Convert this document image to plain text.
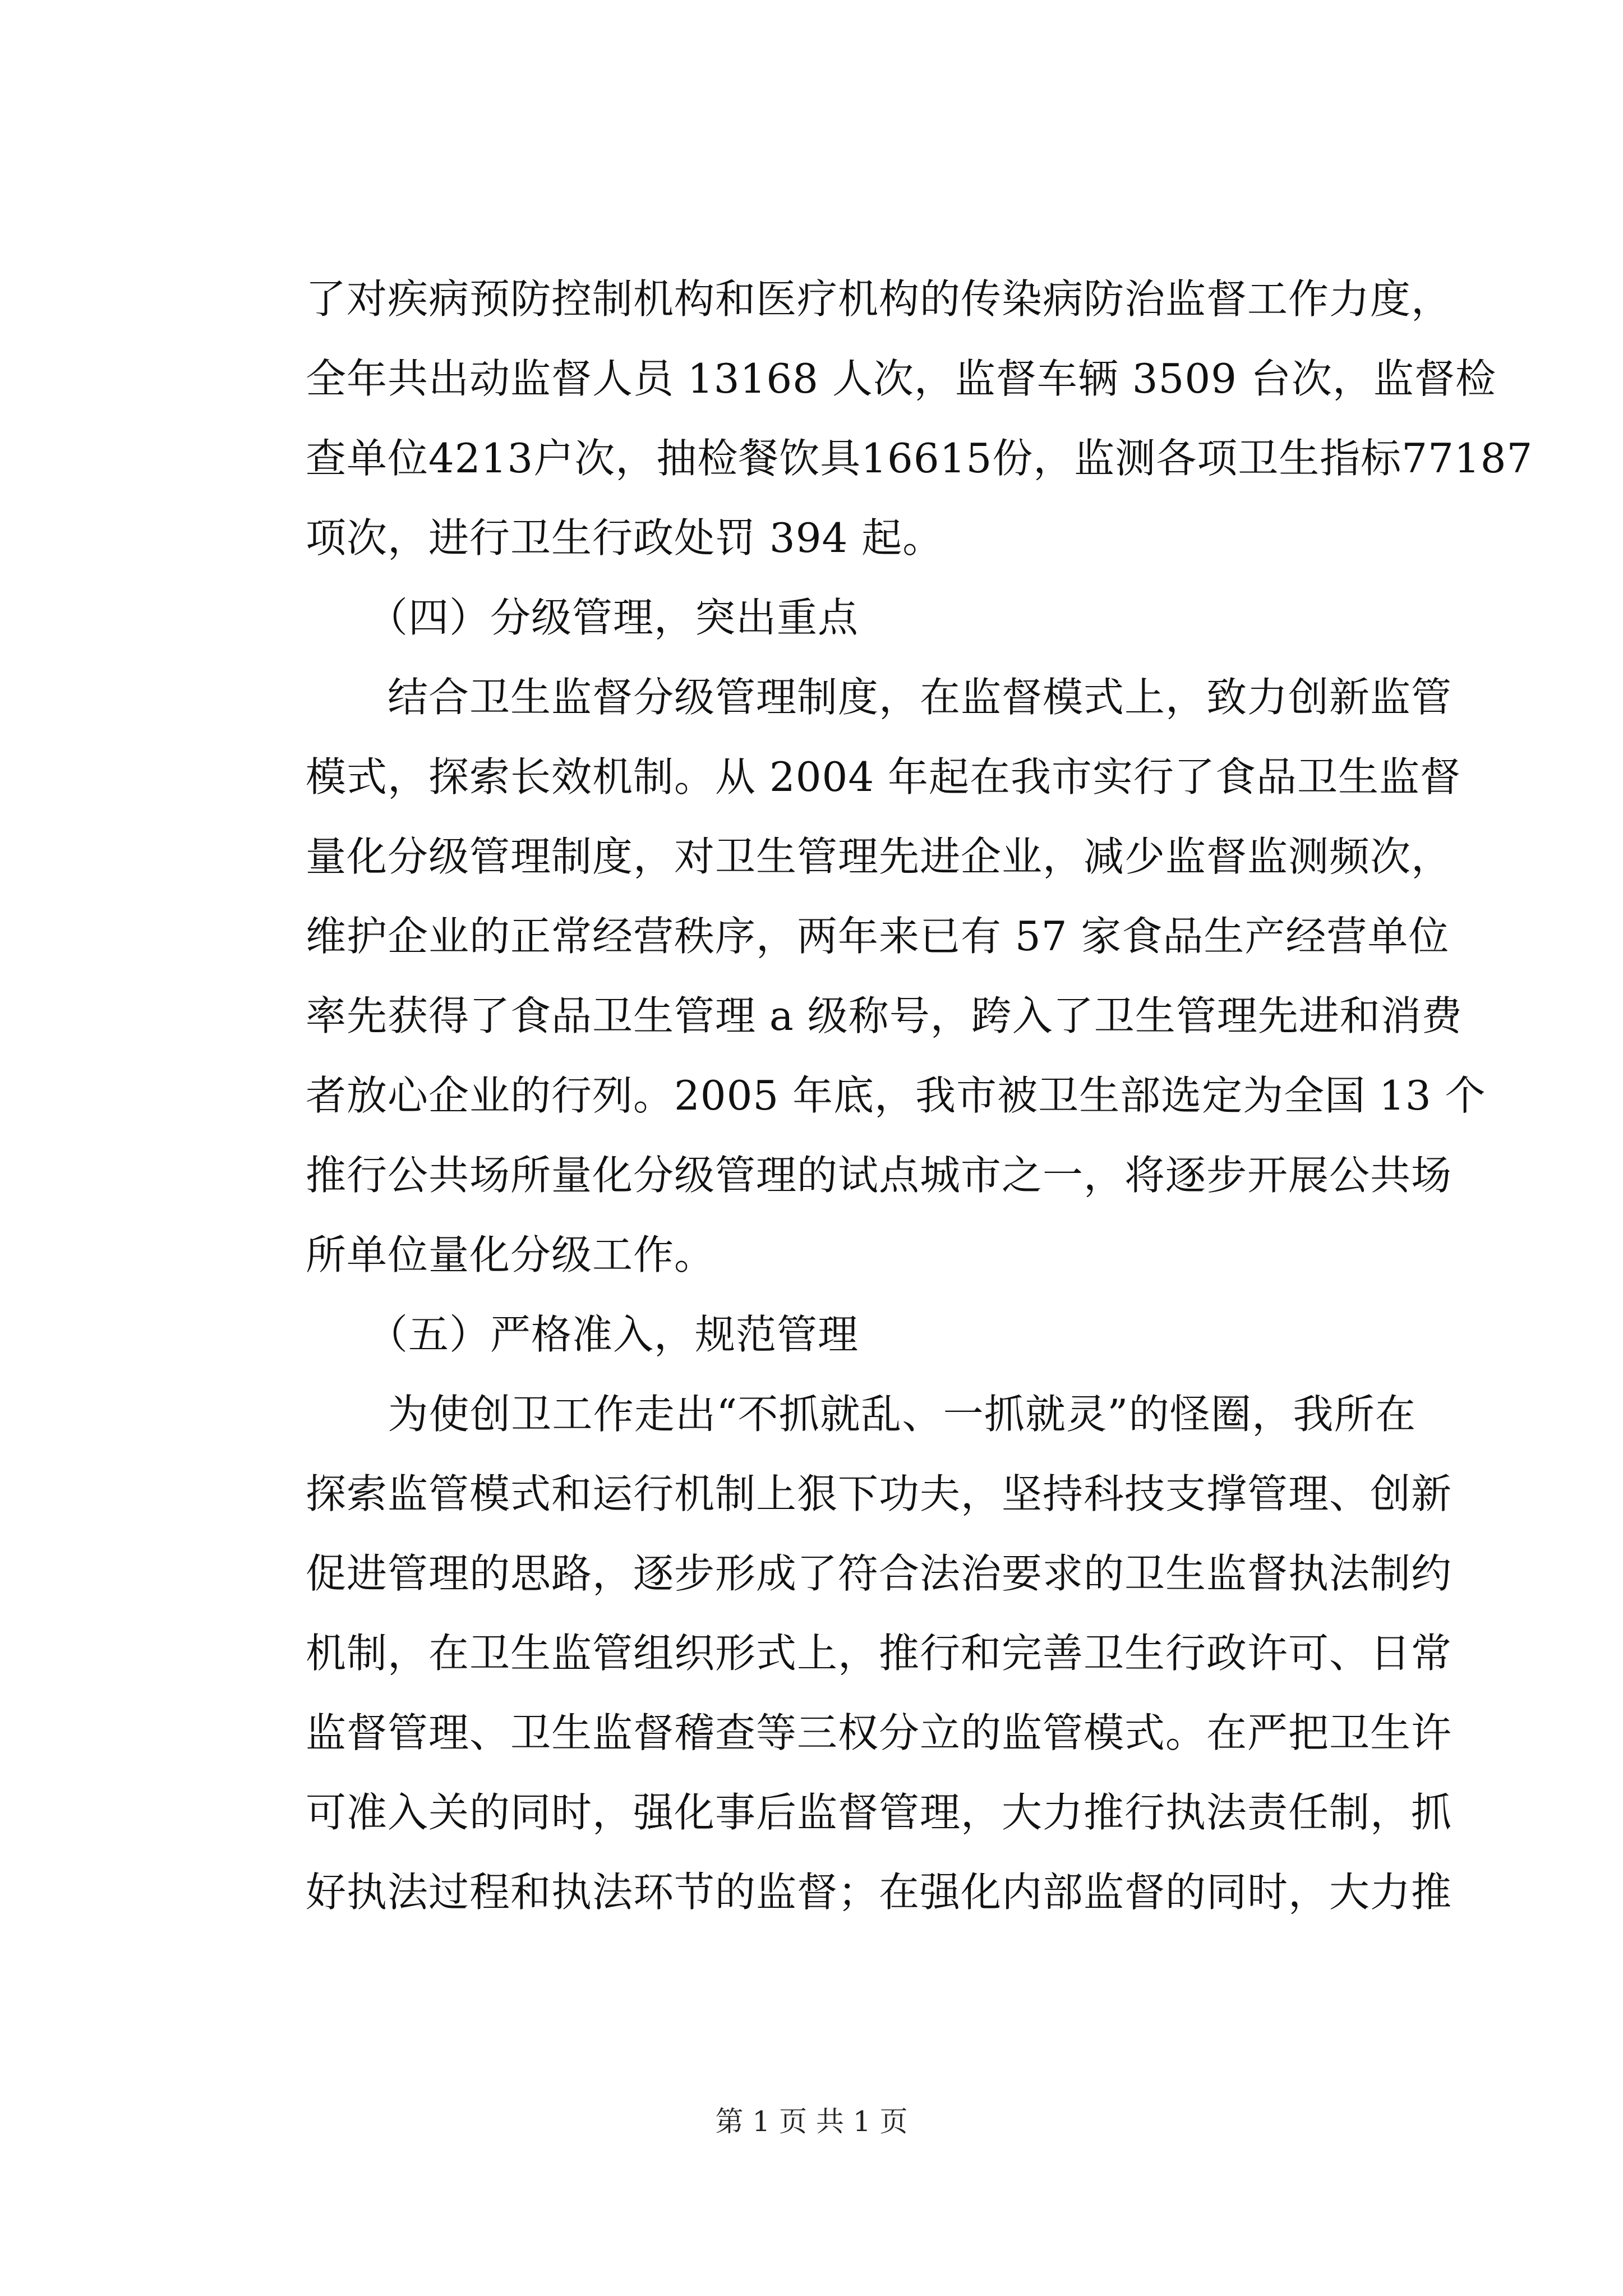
了对疾病预防控制机构和医疗机构的传染病防治监督工作力度，
全年共出动监督人员 13168 人次，监督车辆 3509 台次，监督检
查单位4213户次，抽检餐饮具16615份，监测各项卫生指标77187
项次，进行卫生行政处罚 394 起。
　　（四）分级管理，突出重点
　　结合卫生监督分级管理制度，在监督模式上，致力创新监管
模式，探索长效机制。从 2004 年起在我市实行了食品卫生监督
量化分级管理制度，对卫生管理先进企业，减少监督监测频次，
维护企业的正常经营秩序，两年来已有 57 家食品生产经营单位
率先获得了食品卫生管理 a 级称号，跨入了卫生管理先进和消费
者放心企业的行列。2005 年底，我市被卫生部选定为全国 13 个
推行公共场所量化分级管理的试点城市之一，将逐步开展公共场
所单位量化分级工作。
　　（五）严格准入，规范管理
　　为使创卫工作走出“不抓就乱、一抓就灵”的怪圈，我所在
探索监管模式和运行机制上狠下功夫，坚持科技支撑管理、创新
促进管理的思路，逐步形成了符合法治要求的卫生监督执法制约
机制，在卫生监管组织形式上，推行和完善卫生行政许可、日常
监督管理、卫生监督稽查等三权分立的监管模式。在严把卫生许
可准入关的同时，强化事后监督管理，大力推行执法责任制，抓
好执法过程和执法环节的监督；在强化内部监督的同时，大力推
第 1 页 共 1 页
